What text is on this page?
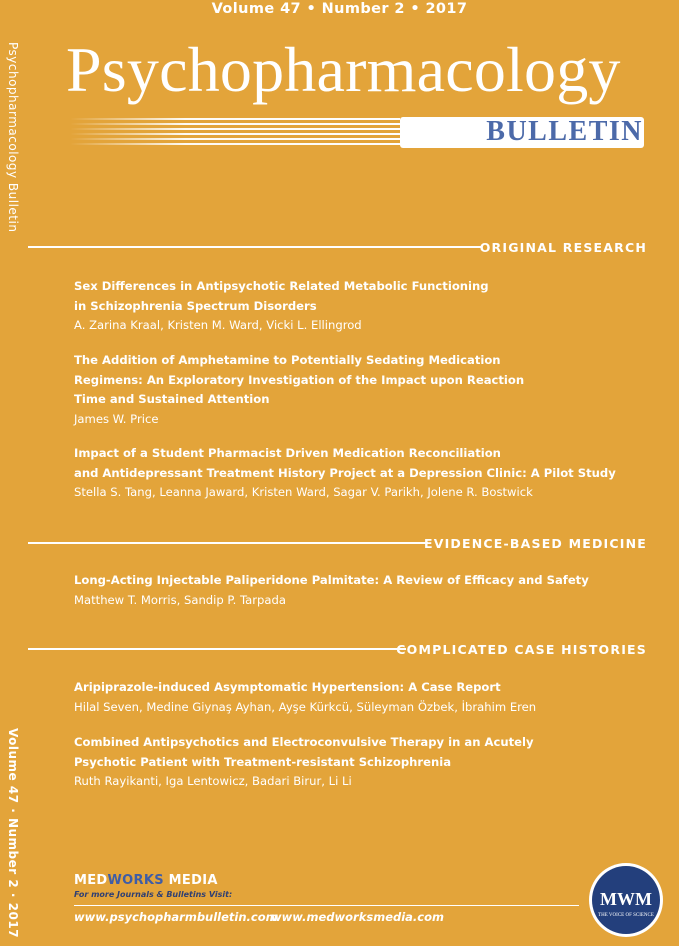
Volume 47 • Number 2 • 2017
Psychopharmacology
BULLETIN
Psychopharmacology Bulletin
Volume 47 · Number 2 · 2017
ORIGINAL RESEARCH
Sex Differences in Antipsychotic Related Metabolic Functioning
in Schizophrenia Spectrum Disorders
A. Zarina Kraal, Kristen M. Ward, Vicki L. Ellingrod
The Addition of Amphetamine to Potentially Sedating Medication
Regimens: An Exploratory Investigation of the Impact upon Reaction
Time and Sustained Attention
James W. Price
Impact of a Student Pharmacist Driven Medication Reconciliation
and Antidepressant Treatment History Project at a Depression Clinic: A Pilot Study
Stella S. Tang, Leanna Jaward, Kristen Ward, Sagar V. Parikh, Jolene R. Bostwick
EVIDENCE-BASED MEDICINE
Long-Acting Injectable Paliperidone Palmitate: A Review of Efficacy and Safety
Matthew T. Morris, Sandip P. Tarpada
COMPLICATED CASE HISTORIES
Aripiprazole-induced Asymptomatic Hypertension: A Case Report
Hilal Seven, Medine Giynaş Ayhan, Ayşe Kürkcü, Süleyman Özbek, İbrahim Eren
Combined Antipsychotics and Electroconvulsive Therapy in an Acutely
Psychotic Patient with Treatment-resistant Schizophrenia
Ruth Rayikanti, Iga Lentowicz, Badari Birur, Li Li
MEDWORKS MEDIA
For more Journals & Bulletins Visit:
www.psychopharmbulletin.com
www.medworksmedia.com
MWM
THE VOICE OF SCIENCE
